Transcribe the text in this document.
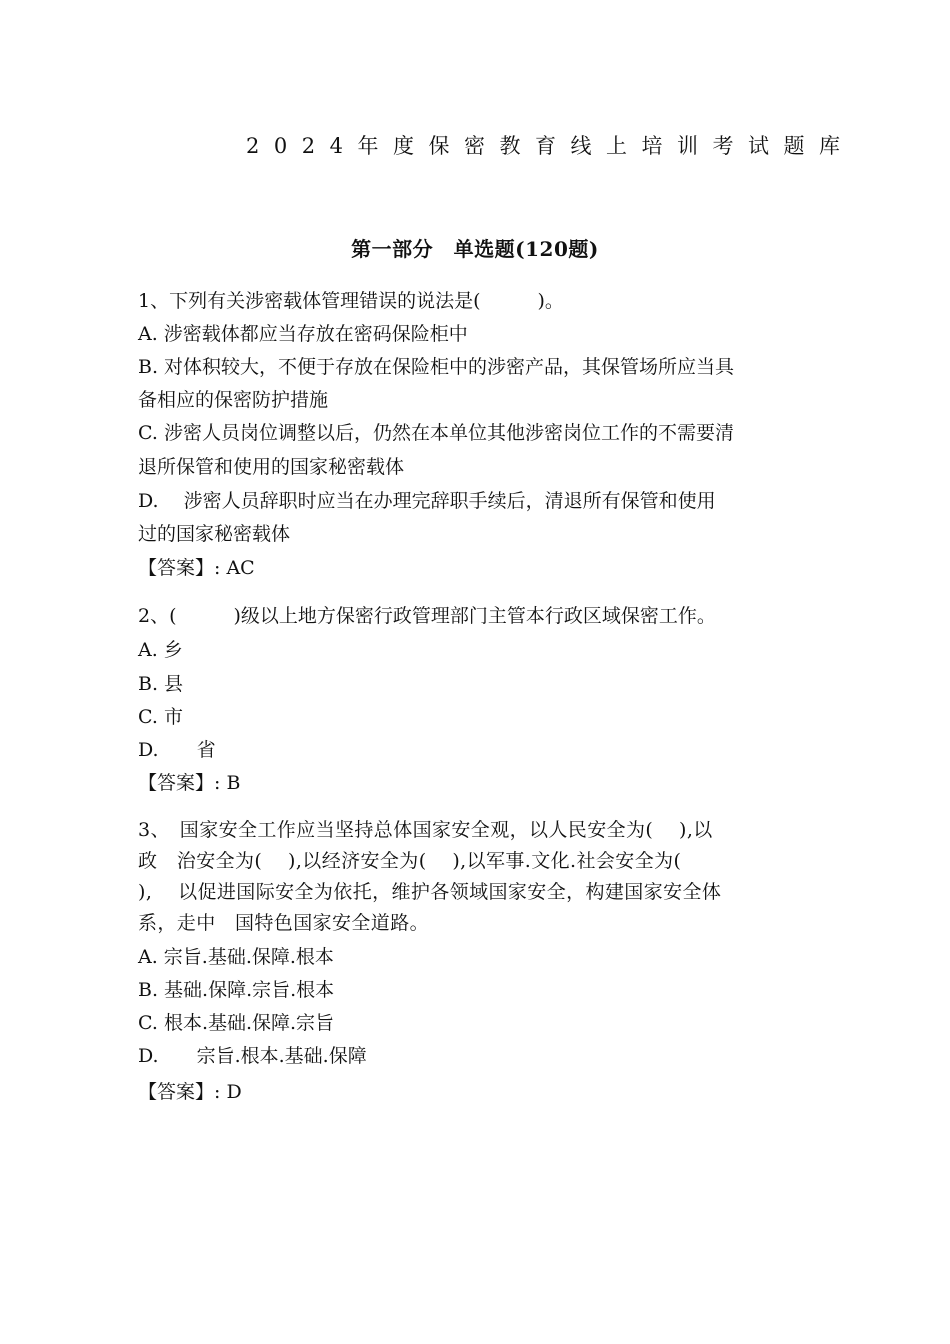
2024年度保密教育线上培训考试题库
第一部分　单选题(120题)
1、下列有关涉密载体管理错误的说法是(　　　)。
A. 涉密载体都应当存放在密码保险柜中
B. 对体积较大，不便于存放在保险柜中的涉密产品，其保管场所应当具
备相应的保密防护措施
C. 涉密人员岗位调整以后，仍然在本单位其他涉密岗位工作的不需要清
退所保管和使用的国家秘密载体
D.　 涉密人员辞职时应当在办理完辞职手续后，清退所有保管和使用
过的国家秘密载体
【答案】: AC
2、(　　　)级以上地方保密行政管理部门主管本行政区域保密工作。
A. 乡
B. 县
C. 市
D.　　省
【答案】: B
3、　国家安全工作应当坚持总体国家安全观，以人民安全为(　 ),以
政　治安全为(　 ),以经济安全为(　 ),以军事.文化.社会安全为(
),　 以促进国际安全为依托，维护各领域国家安全，构建国家安全体
系，走中　国特色国家安全道路。
A. 宗旨.基础.保障.根本
B. 基础.保障.宗旨.根本
C. 根本.基础.保障.宗旨
D.　　宗旨.根本.基础.保障
【答案】: D
